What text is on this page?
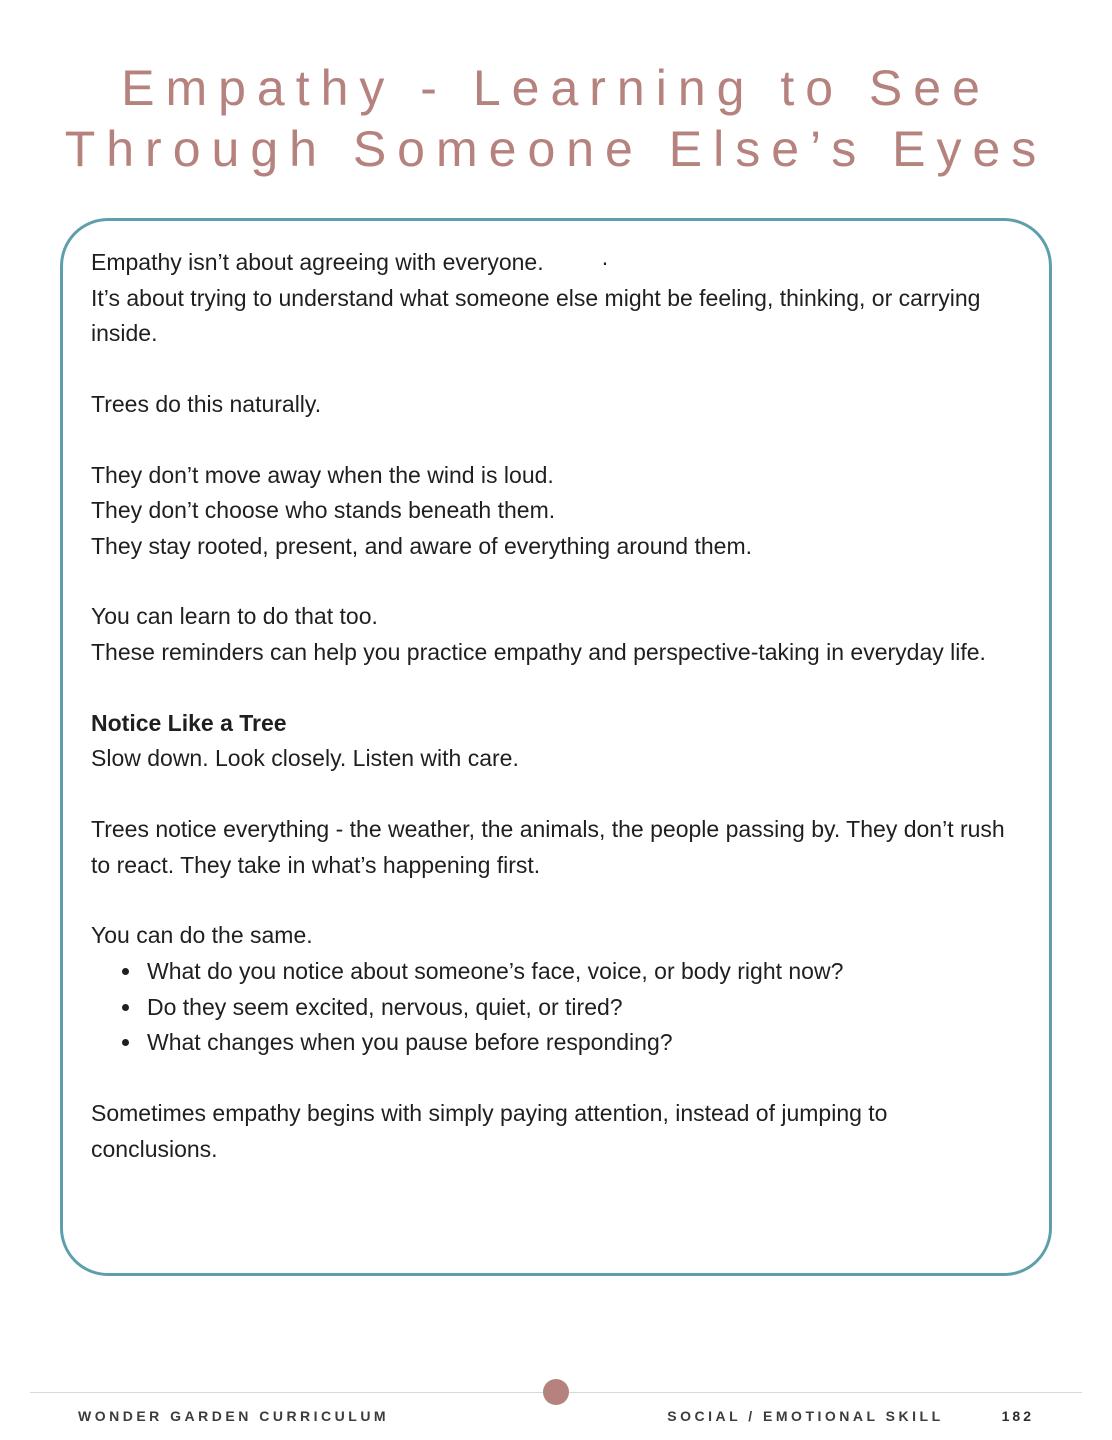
Empathy - Learning to See
Through Someone Else’s Eyes

Empathy isn’t about agreeing with everyone.         ·

It’s about trying to understand what someone else might be feeling, thinking, or carrying inside.

Trees do this naturally.

They don’t move away when the wind is loud.

They don’t choose who stands beneath them.

They stay rooted, present, and aware of everything around them.

You can learn to do that too.

These reminders can help you practice empathy and perspective-taking in everyday life.

Notice Like a Tree

Slow down. Look closely. Listen with care.

Trees notice everything - the weather, the animals, the people passing by. They don’t rush to react. They take in what’s happening first.

You can do the same.

• What do you notice about someone’s face, voice, or body right now?
• Do they seem excited, nervous, quiet, or tired?
• What changes when you pause before responding?

Sometimes empathy begins with simply paying attention, instead of jumping to conclusions.

WONDER GARDEN CURRICULUM	SOCIAL / EMOTIONAL SKILL	182
